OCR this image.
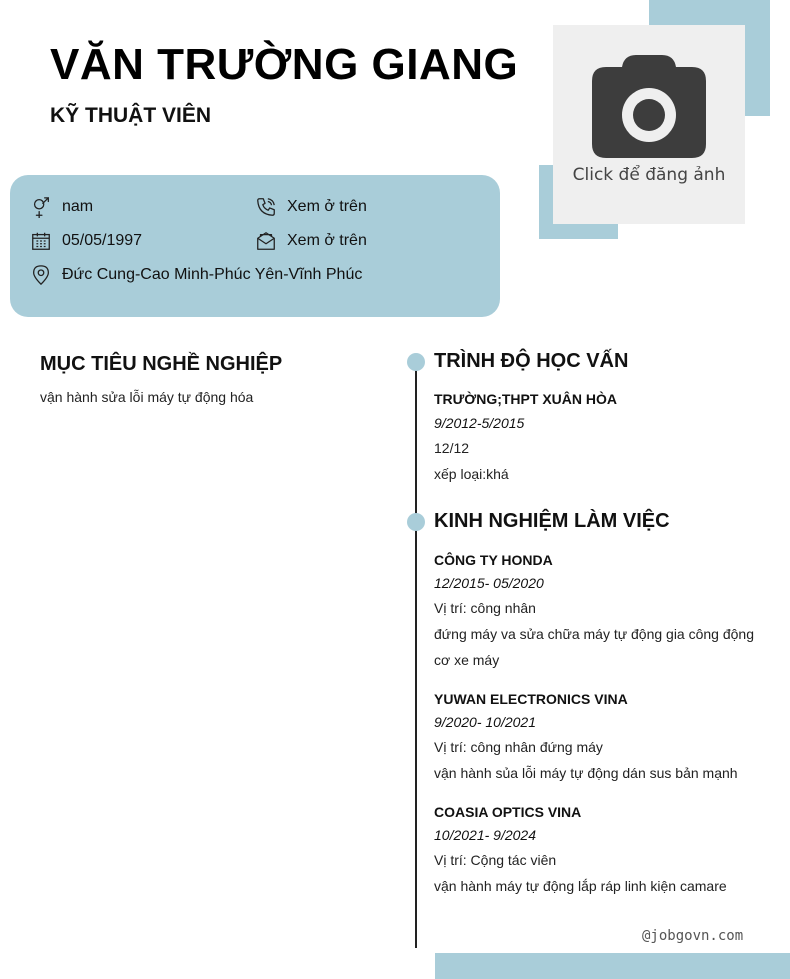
VĂN TRƯỜNG GIANG
KỸ THUẬT VIÊN
Click để đăng ảnh
nam	Xem ở trên
05/05/1997	Xem ở trên
Đức Cung-Cao Minh-Phúc Yên-Vĩnh Phúc
MỤC TIÊU NGHỀ NGHIỆP
vận hành sửa lỗi máy tự động hóa
TRÌNH ĐỘ HỌC VẤN
TRƯỜNG;THPT XUÂN HÒA
9/2012-5/2015
12/12
xếp loại:khá
KINH NGHIỆM LÀM VIỆC
CÔNG TY HONDA
12/2015- 05/2020
Vị trí: công nhân
đứng máy va sửa chữa máy tự động gia công động cơ xe máy
YUWAN ELECTRONICS VINA
9/2020- 10/2021
Vị trí: công nhân đứng máy
vận hành sủa lỗi máy tự động dán sus bản mạnh
COASIA OPTICS VINA
10/2021- 9/2024
Vị trí: Cộng tác viên
vận hành máy tự động lắp ráp linh kiện camare
@jobgovn.com
